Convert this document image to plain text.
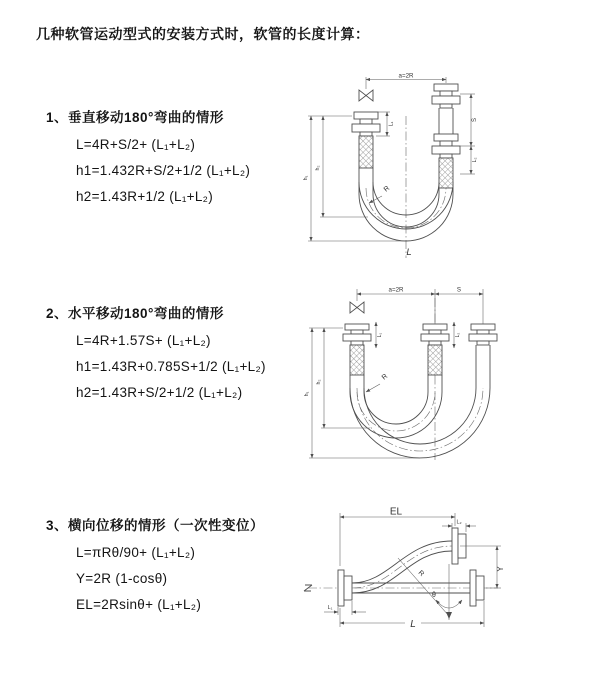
几种软管运动型式的安装方式时，软管的长度计算：
1、垂直移动180°弯曲的情形
L=4R+S/2+ (L₁+L₂)
h1=1.432R+S/2+1/2 (L₁+L₂)
h2=1.43R+1/2 (L₁+L₂)
a=2R
L₁
S
L₂
h₁
h₂
R
L
2、水平移动180°弯曲的情形
L=4R+1.57S+ (L₁+L₂)
h1=1.43R+0.785S+1/2 (L₁+L₂)
h2=1.43R+S/2+1/2 (L₁+L₂)
a=2R	S
L₁	L₂
h₁
h₂
R
3、横向位移的情形（一次性变位）
L=πRθ/90+ (L₁+L₂)
Y=2R (1-cosθ)
EL=2Rsinθ+ (L₁+L₂)
θ
R
EL
L₂
Y
L₁
L
